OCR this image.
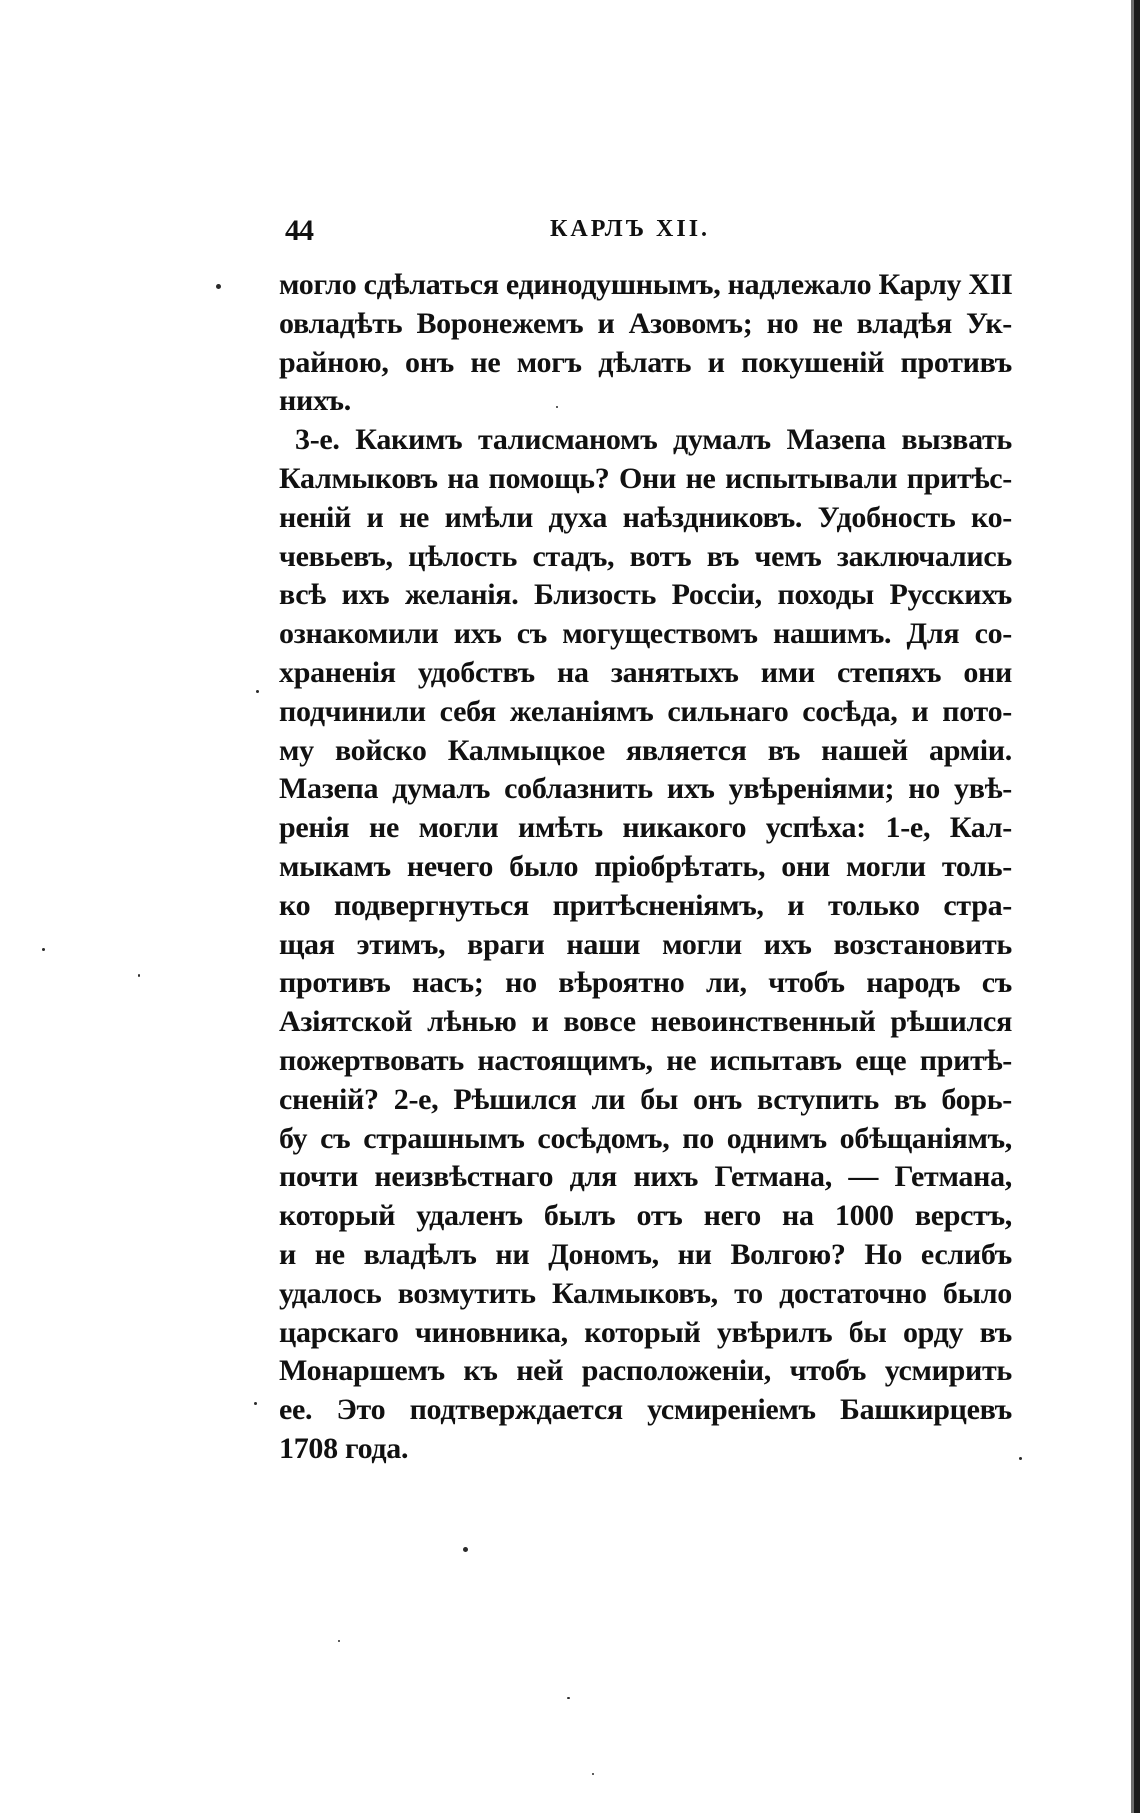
44	КАРЛЪ XII.
могло сдѣлаться единодушнымъ, надлежало Карлу XII
овладѣть Воронежемъ и Азовомъ; но не владѣя Ук-
райною, онъ не могъ дѣлать и покушеній противъ
нихъ.
3-е. Какимъ талисманомъ думалъ Мазепа вызвать
Калмыковъ на помощь? Они не испытывали притѣс-
неній и не имѣли духа наѣздниковъ. Удобность ко-
чевьевъ, цѣлость стадъ, вотъ въ чемъ заключались
всѣ ихъ желанія. Близость Россіи, походы Русскихъ
ознакомили ихъ съ могуществомъ нашимъ. Для со-
храненія удобствъ на занятыхъ ими степяхъ они
подчинили себя желаніямъ сильнаго сосѣда, и пото-
му войско Калмыцкое является въ нашей арміи.
Мазепа думалъ соблазнить ихъ увѣреніями; но увѣ-
ренія не могли имѣть никакого успѣха: 1-е, Кал-
мыкамъ нечего было пріобрѣтать, они могли толь-
ко подвергнуться притѣсненіямъ, и только стра-
щая этимъ, враги наши могли ихъ возстановить
противъ насъ; но вѣроятно ли, чтобъ народъ съ
Азіятской лѣнью и вовсе невоинственный рѣшился
пожертвовать настоящимъ, не испытавъ еще притѣ-
сненій? 2-е, Рѣшился ли бы онъ вступить въ борь-
бу съ страшнымъ сосѣдомъ, по однимъ обѣщаніямъ,
почти неизвѣстнаго для нихъ Гетмана, — Гетмана,
который удаленъ былъ отъ него на 1000 верстъ,
и не владѣлъ ни Дономъ, ни Волгою? Но еслибъ
удалось возмутить Калмыковъ, то достаточно было
царскаго чиновника, который увѣрилъ бы орду въ
Монаршемъ къ ней расположеніи, чтобъ усмирить
ее. Это подтверждается усмиреніемъ Башкирцевъ
1708 года.
